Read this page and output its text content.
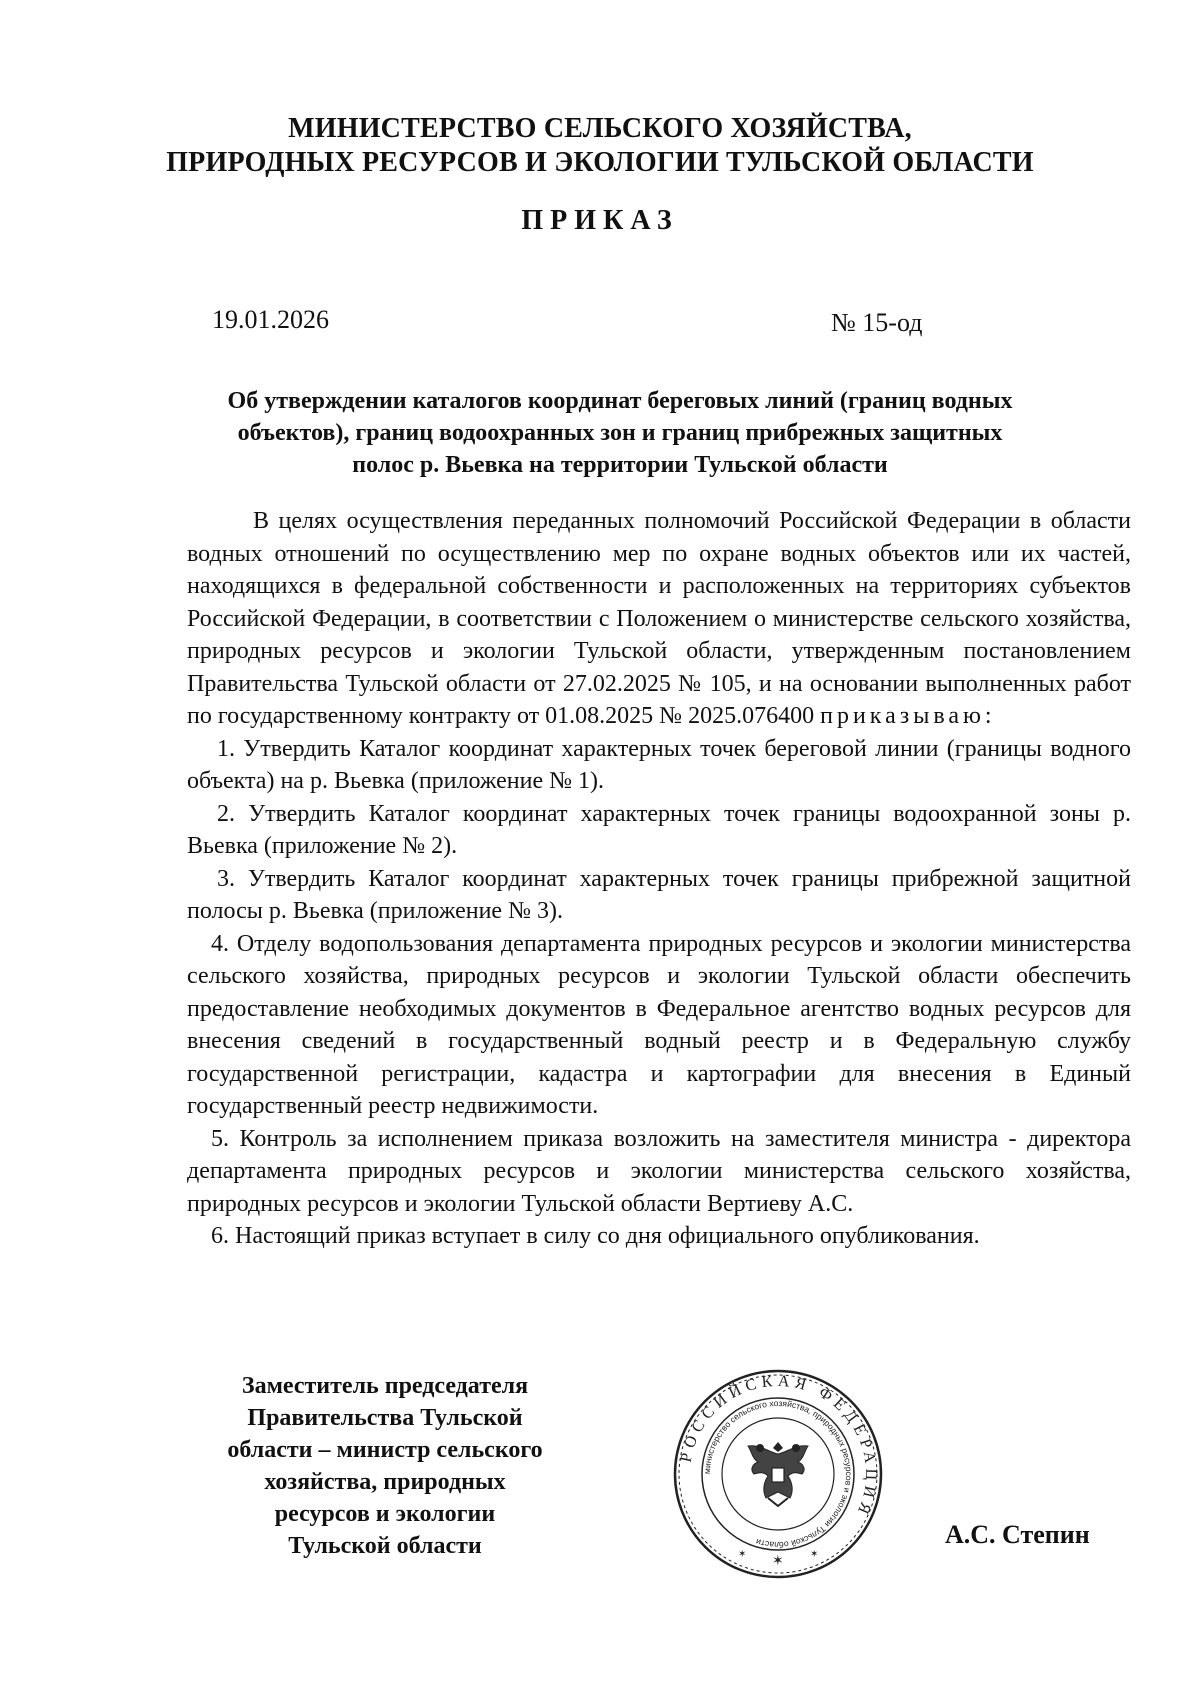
МИНИСТЕРСТВО СЕЛЬСКОГО ХОЗЯЙСТВА,
ПРИРОДНЫХ РЕСУРСОВ И ЭКОЛОГИИ ТУЛЬСКОЙ ОБЛАСТИ
ПРИКАЗ
19.01.2026	№ 15-од
Об утверждении каталогов координат береговых линий (границ водных
объектов), границ водоохранных зон и границ прибрежных защитных
полос р. Вьевка на территории Тульской области

В целях осуществления переданных полномочий Российской Федерации в области водных отношений по осуществлению мер по охране водных объектов или их частей, находящихся в федеральной собственности и расположенных на территориях субъектов Российской Федерации, в соответствии с Положением о министерстве сельского хозяйства, природных ресурсов и экологии Тульской области, утвержденным постановлением Правительства Тульской области от 27.02.2025 № 105, и на основании выполненных работ по государственному контракту от 01.08.2025 № 2025.076400 приказываю:

1. Утвердить Каталог координат характерных точек береговой линии (границы водного объекта) на р. Вьевка (приложение № 1).

2. Утвердить Каталог координат характерных точек границы водоохранной зоны р. Вьевка (приложение № 2).

3. Утвердить Каталог координат характерных точек границы прибрежной защитной полосы р. Вьевка (приложение № 3).

4. Отделу водопользования департамента природных ресурсов и экологии министерства сельского хозяйства, природных ресурсов и экологии Тульской области обеспечить предоставление необходимых документов в Федеральное агентство водных ресурсов для внесения сведений в государственный водный реестр и в Федеральную службу государственной регистрации, кадастра и картографии для внесения в Единый государственный реестр недвижимости.

5. Контроль за исполнением приказа возложить на заместителя министра - директора департамента природных ресурсов и экологии министерства сельского хозяйства, природных ресурсов и экологии Тульской области Вертиеву А.С.

6. Настоящий приказ вступает в силу со дня официального опубликования.

Заместитель председателя
Правительства Тульской
области – министр сельского
хозяйства, природных
ресурсов и экологии
Тульской области
РОССИЙСКАЯ ФЕДЕРАЦИЯ
министерство сельского хозяйства, природных ресурсов и экологии Тульской области
✶
✶	✶
А.С. Степин
